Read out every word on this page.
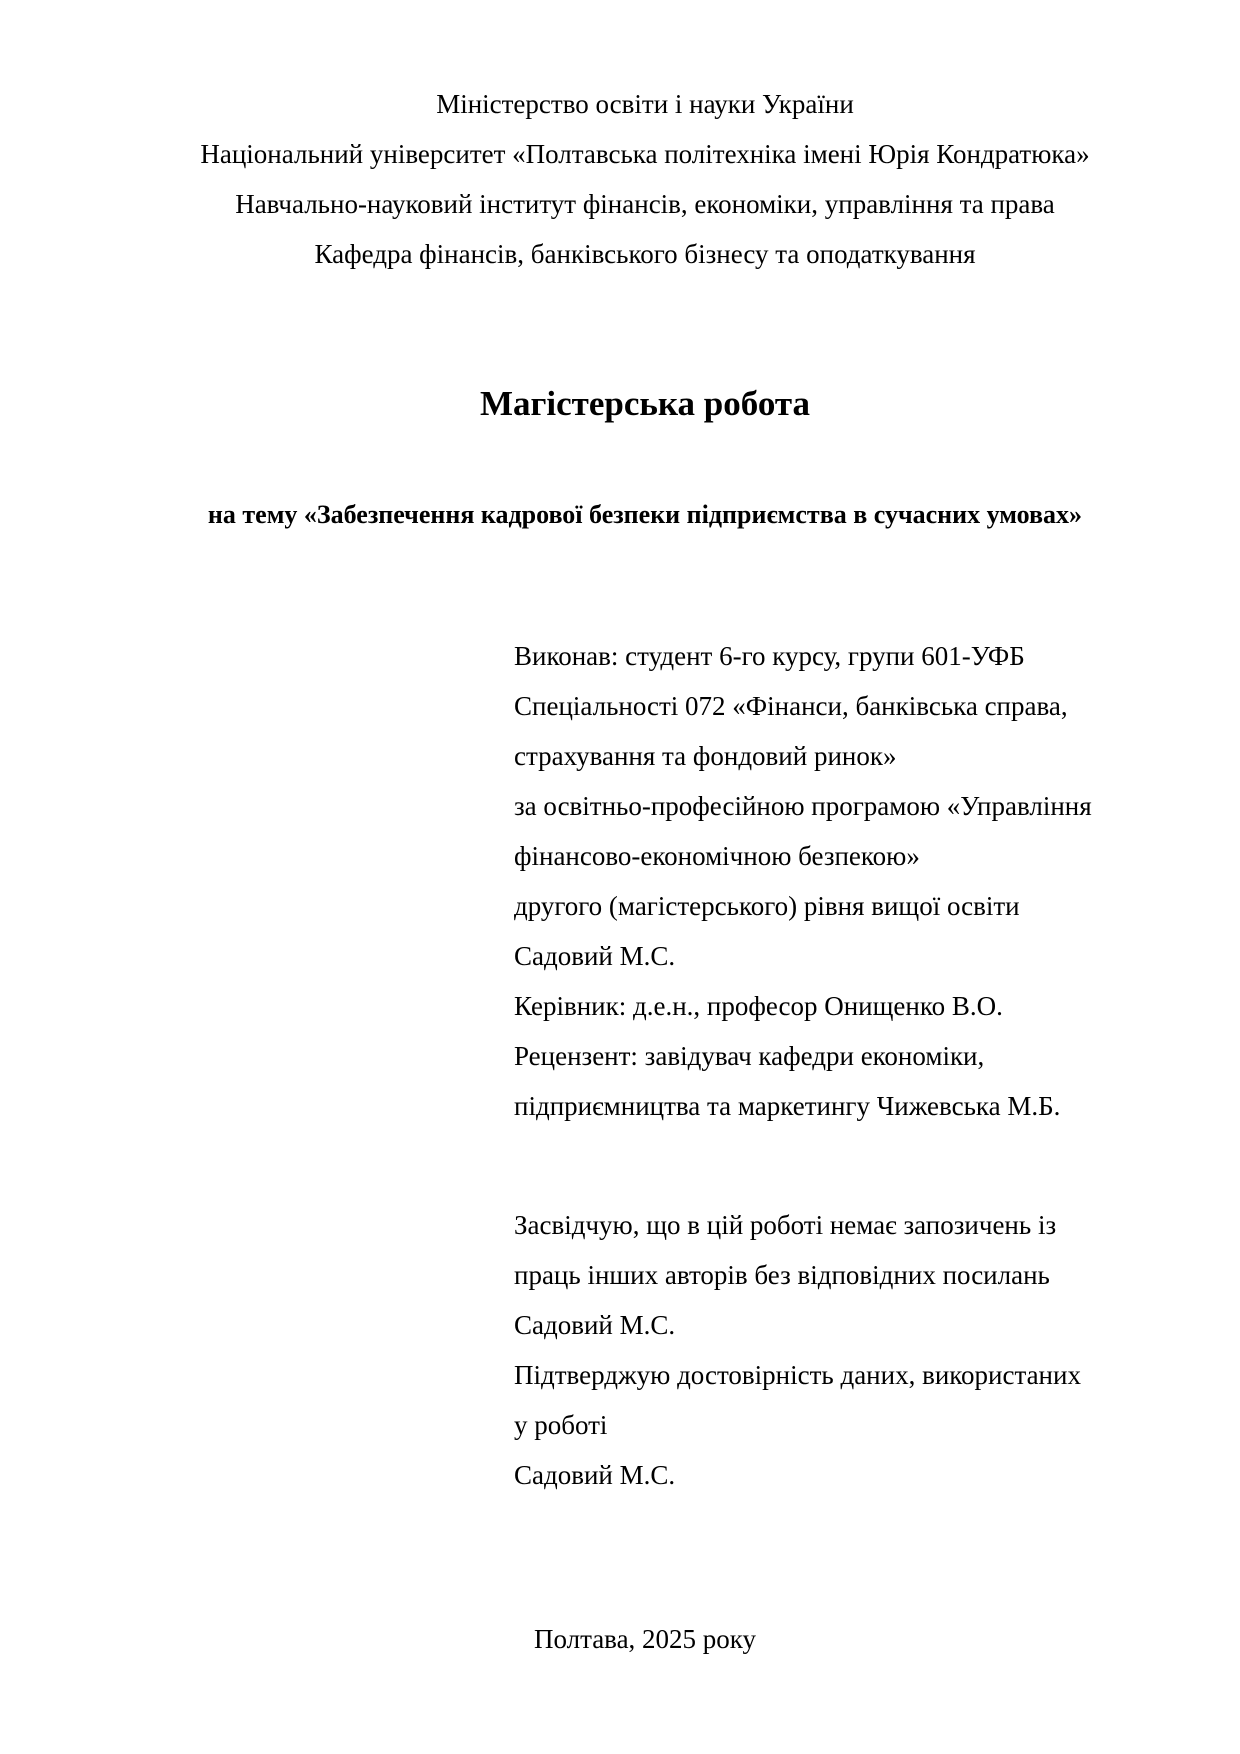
Міністерство освіти і науки України
Національний університет «Полтавська політехніка імені Юрія Кондратюка»
Навчально-науковий інститут фінансів, економіки, управління та права
Кафедра фінансів, банківського бізнесу та оподаткування
Магістерська робота
на тему «Забезпечення кадрової безпеки підприємства в сучасних умовах»
Виконав: студент 6-го курсу, групи 601-УФБ
Спеціальності 072 «Фінанси, банківська справа,
страхування та фондовий ринок»
за освітньо-професійною програмою «Управління
фінансово-економічною безпекою»
другого (магістерського) рівня вищої освіти
Садовий М.С.
Керівник: д.е.н., професор Онищенко В.О.
Рецензент: завідувач кафедри економіки,
підприємництва та маркетингу Чижевська М.Б.
Засвідчую, що в цій роботі немає запозичень із
праць інших авторів без відповідних посилань
Садовий М.С.
Підтверджую достовірність даних, використаних
у роботі
Садовий М.С.
Полтава, 2025 року
